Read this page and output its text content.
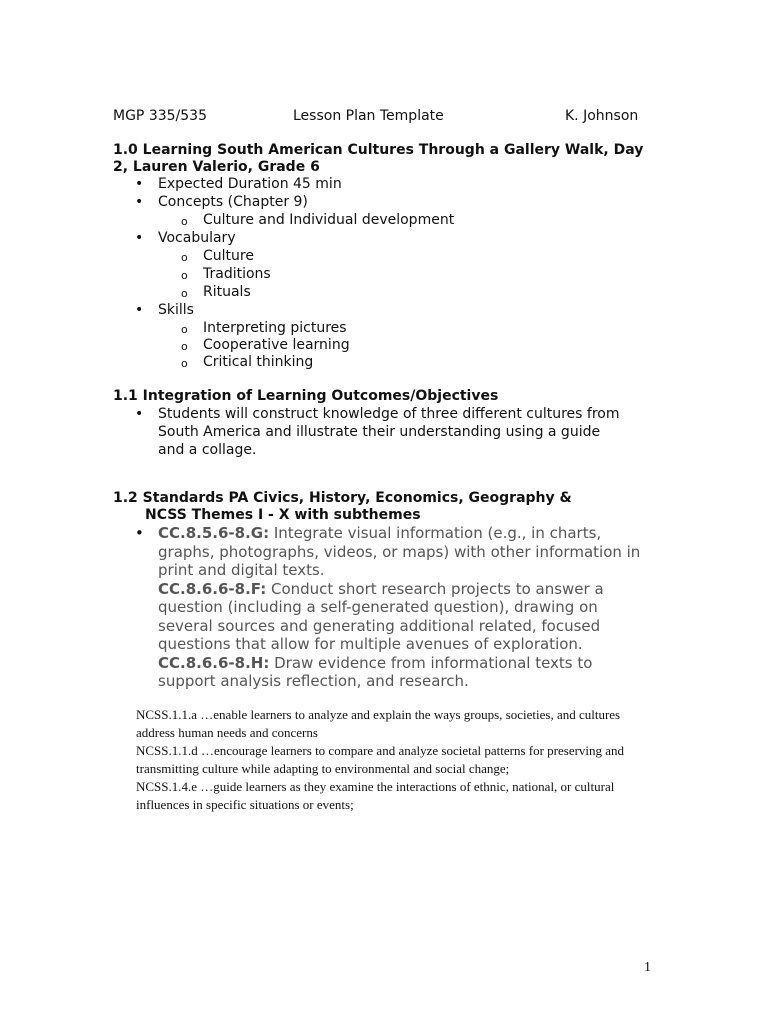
MGP 335/535	Lesson Plan Template	K. Johnson
1.0 Learning South American Cultures Through a Gallery Walk, Day 2, Lauren Valerio, Grade 6
• Expected Duration 45 min
• Concepts (Chapter 9)
o Culture and Individual development
• Vocabulary
o Culture
o Traditions
o Rituals
• Skills
o Interpreting pictures
o Cooperative learning
o Critical thinking
1.1 Integration of Learning Outcomes/Objectives
• Students will construct knowledge of three different cultures from South America and illustrate their understanding using a guide and a collage.
1.2 Standards PA Civics, History, Economics, Geography &
NCSS Themes I - X with subthemes
• CC.8.5.6-8.G: Integrate visual information (e.g., in charts, graphs, photographs, videos, or maps) with other information in print and digital texts.
CC.8.6.6-8.F: Conduct short research projects to answer a question (including a self-generated question), drawing on several sources and generating additional related, focused questions that allow for multiple avenues of exploration.
CC.8.6.6-8.H: Draw evidence from informational texts to support analysis reflection, and research.
NCSS.1.1.a …enable learners to analyze and explain the ways groups, societies, and cultures address human needs and concerns
NCSS.1.1.d …encourage learners to compare and analyze societal patterns for preserving and transmitting culture while adapting to environmental and social change;
NCSS.1.4.e …guide learners as they examine the interactions of ethnic, national, or cultural influences in specific situations or events;
1
